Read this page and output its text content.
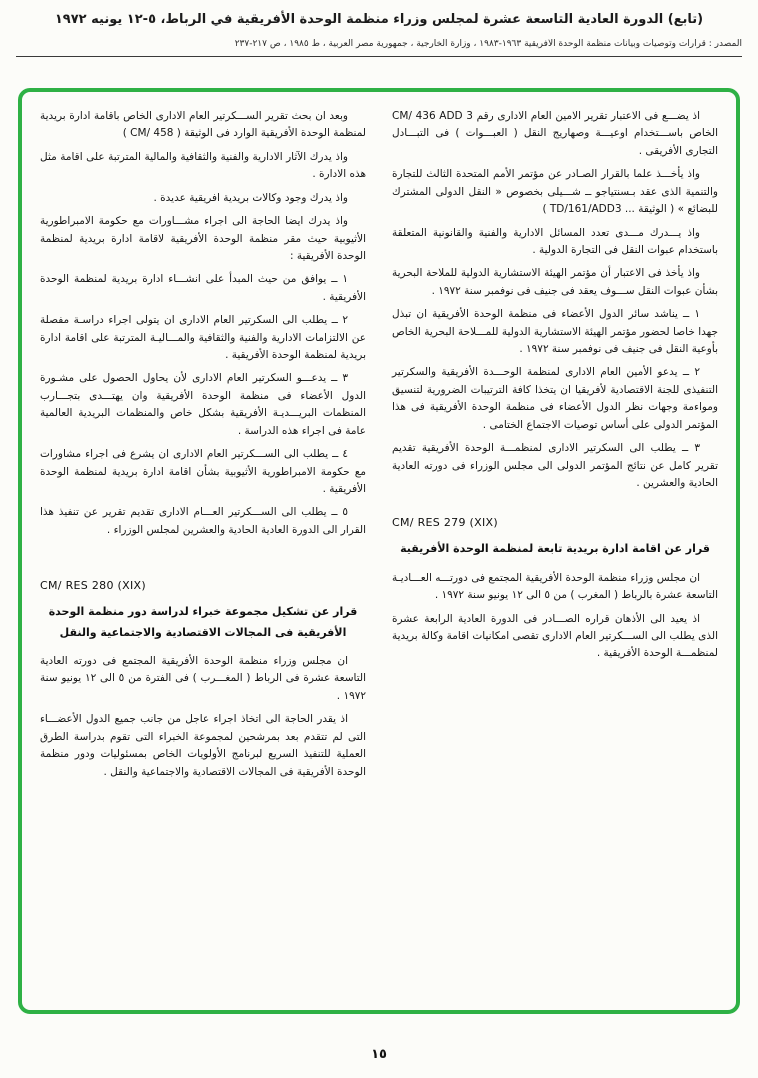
(تابع) الدورة العادية التاسعة عشرة لمجلس وزراء منظمة الوحدة الأفريقية في الرباط، ٥-١٢ يونيه ١٩٧٢
المصدر : قرارات وتوصيات وبيانات منظمة الوحدة الأفريقية ١٩٦٣-١٩٨٣ ، وزارة الخارجية ، جمهورية مصر العربية ، ط ١٩٨٥ ، ص ٢١٧-٢٣٧

اذ يضـــع فى الاعتبار تقرير الامين العام الادارى رقم CM/ 436 ADD 3 الخاص باســـتخدام اوعيـــة وصهاريج النقل ( العبـــوات ) فى التبـــادل التجارى الأفريقى .

واذ يأخـــذ علما بالقرار الصـادر عن مؤتمر الأمم المتحدة الثالث للتجارة والتنمية الذى عقد بـسنتياجو ــ شـــيلى بخصوص « النقل الدولى المشترك للبضائع » ( الوثيقة ... TD/161/ADD3 )

واذ يـــدرك مـــدى تعدد المسائل الادارية والفنية والقانونية المتعلقة باستخدام عبوات النقل فى التجارة الدولية .

واذ يأخذ فى الاعتبار أن مؤتمر الهيئة الاستشارية الدولية للملاحة البحرية بشأن عبوات النقل ســـوف يعقد فى جنيف فى نوفمبر سنة ١٩٧٢ .

١ ــ يناشد سائر الدول الأعضاء فى منظمة الوحدة الأفريقية ان تبذل جهدا خاصا لحضور مؤتمر الهيئة الاستشارية الدولية للمـــلاحة البحرية الخاص بأوعية النقل فى جنيف فى نوفمبر سنة ١٩٧٢ .

٢ ــ يدعو الأمين العام الادارى لمنظمة الوحـــدة الأفريقية والسكرتير التنفيذى للجنة الاقتصادية لأفريقيا ان يتخذا كافة الترتيبات الضرورية لتنسيق ومواءمة وجهات نظر الدول الأعضاء فى منظمة الوحدة الأفريقية فى هذا المؤتمر الدولى على أساس توصيات الاجتماع الختامى .

٣ ــ يطلب الى السكرتير الادارى لمنظمـــة الوحدة الأفريقية تقديم تقرير كامل عن نتائج المؤتمر الدولى الى مجلس الوزراء فى دورته العادية الحادية والعشرين .

CM/ RES 279 (XIX)
قرار عن اقامة ادارة بريدية تابعة لمنظمة الوحدة الأفريقية

ان مجلس وزراء منظمة الوحدة الأفريقية المجتمع فى دورتـــه العـــاديـة التاسعة عشرة بالرباط ( المغرب ) من ٥ الى ١٢ يونيو سنة ١٩٧٢ .

اذ يعيد الى الأذهان قراره الصـــادر فى الدورة العادية الرابعة عشرة الذى يطلب الى الســـكرتير العام الادارى تقصى امكانيات اقامة وكالة بريدية لمنظمـــة الوحدة الأفريقية .

وبعد ان بحث تقرير الســـكرتير العام الادارى الخاص باقامة ادارة بريدية لمنظمة الوحدة الأفريقية الوارد فى الوثيقة ( CM/ 458 )

واذ يدرك الآثار الادارية والفنية والثقافية والمالية المترتبة على اقامة مثل هذه الادارة .

واذ يدرك وجود وكالات بريدية افريقية عديدة .

واذ يدرك ايضا الحاجة الى اجراء مشـــاورات مع حكومة الامبراطورية الأثيوبية حيث مقر منظمة الوحدة الأفريقية لاقامة ادارة بريدية لمنظمة الوحدة الأفريقية :

١ ــ يوافق من حيث المبدأ على انشـــاء ادارة بريدية لمنظمة الوحدة الأفريقية .

٢ ــ يطلب الى السكرتير العام الادارى ان يتولى اجراء دراسـة مفصلة عن الالتزامات الادارية والفنية والثقافية والمـــاليـة المترتبة على اقامة ادارة بريدية لمنظمة الوحدة الأفريقية .

٣ ــ يدعـــو السكرتير العام الادارى لأن يحاول الحصول على مشـورة الدول الأعضاء فى منظمة الوحدة الأفريقية وان يهتـــدى بتجـــارب المنظمات البريـــديـة الأفريقية بشكل خاص والمنظمات البريدية العالمية عامة فى اجراء هذه الدراسة .

٤ ــ يطلب الى الســـكرتير العام الادارى ان يشرع فى اجراء مشاورات مع حكومة الامبراطورية الأثيوبية بشأن اقامة ادارة بريدية لمنظمة الوحدة الأفريقية .

٥ ــ يطلب الى الســـكرتير العـــام الادارى تقديم تقرير عن تنفيذ هذا القرار الى الدورة العادية الحادية والعشرين لمجلس الوزراء .

CM/ RES 280 (XIX)
قرار عن تشكيل مجموعة خبراء لدراسة دور منظمة الوحدة الأفريقية فى المجالات الاقتصادية والاجتماعية والنقل

ان مجلس وزراء منظمة الوحدة الأفريقية المجتمع فى دورته العادية التاسعة عشرة فى الرباط ( المغـــرب ) فى الفترة من ٥ الى ١٢ يونيو سنة ١٩٧٢ .

اذ يقدر الحاجة الى اتخاذ اجراء عاجل من جانب جميع الدول الأعضـــاء التى لم تتقدم بعد بمرشحين لمجموعة الخبراء التى تقوم بدراسة الطرق العملية للتنفيذ السريع لبرنامج الأولويات الخاص بمسئوليات ودور منظمة الوحدة الأفريقية فى المجالات الاقتصادية والاجتماعية والنقل .

١٥
